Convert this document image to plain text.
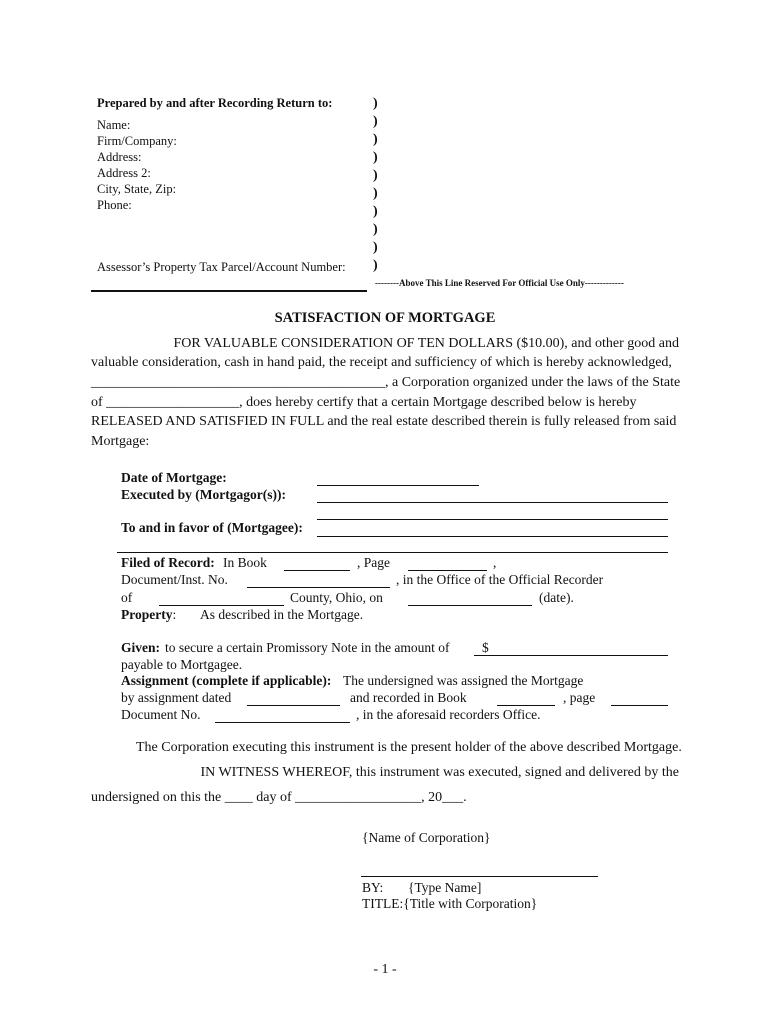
Prepared by and after Recording Return to:
Name:
Firm/Company:
Address:
Address 2:
City, State, Zip:
Phone:
)
)
)
)
)
)
)
)
)
)
Assessor’s Property Tax Parcel/Account Number:
--------Above This Line Reserved For Official Use Only-------------
SATISFACTION OF MORTGAGE
FOR VALUABLE CONSIDERATION OF TEN DOLLARS ($10.00), and other good and
valuable consideration, cash in hand paid, the receipt and sufficiency of which is hereby acknowledged,
__________________________________________, a Corporation organized under the laws of the State
of ___________________, does hereby certify that a certain Mortgage described below is hereby
RELEASED AND SATISFIED IN FULL and the real estate described therein is fully released from said
Mortgage:
Date of Mortgage:
Executed by (Mortgagor(s)):
To and in favor of (Mortgagee):
Filed of Record: In Book	, Page	,
Document/Inst. No.	, in the Office of the Official Recorder
of	County, Ohio, on	(date).
Property: As described in the Mortgage.
Given: to secure a certain Promissory Note in the amount of $
payable to Mortgagee.
Assignment (complete if applicable): The undersigned was assigned the Mortgage
by assignment dated	and recorded in Book	, page
Document No.	, in the aforesaid recorders Office.
The Corporation executing this instrument is the present holder of the above described Mortgage.
IN WITNESS WHEREOF, this instrument was executed, signed and delivered by the
undersigned on this the ____ day of __________________, 20___.
{Name of Corporation}
BY: {Type Name]
TITLE:{Title with Corporation}
- 1 -
